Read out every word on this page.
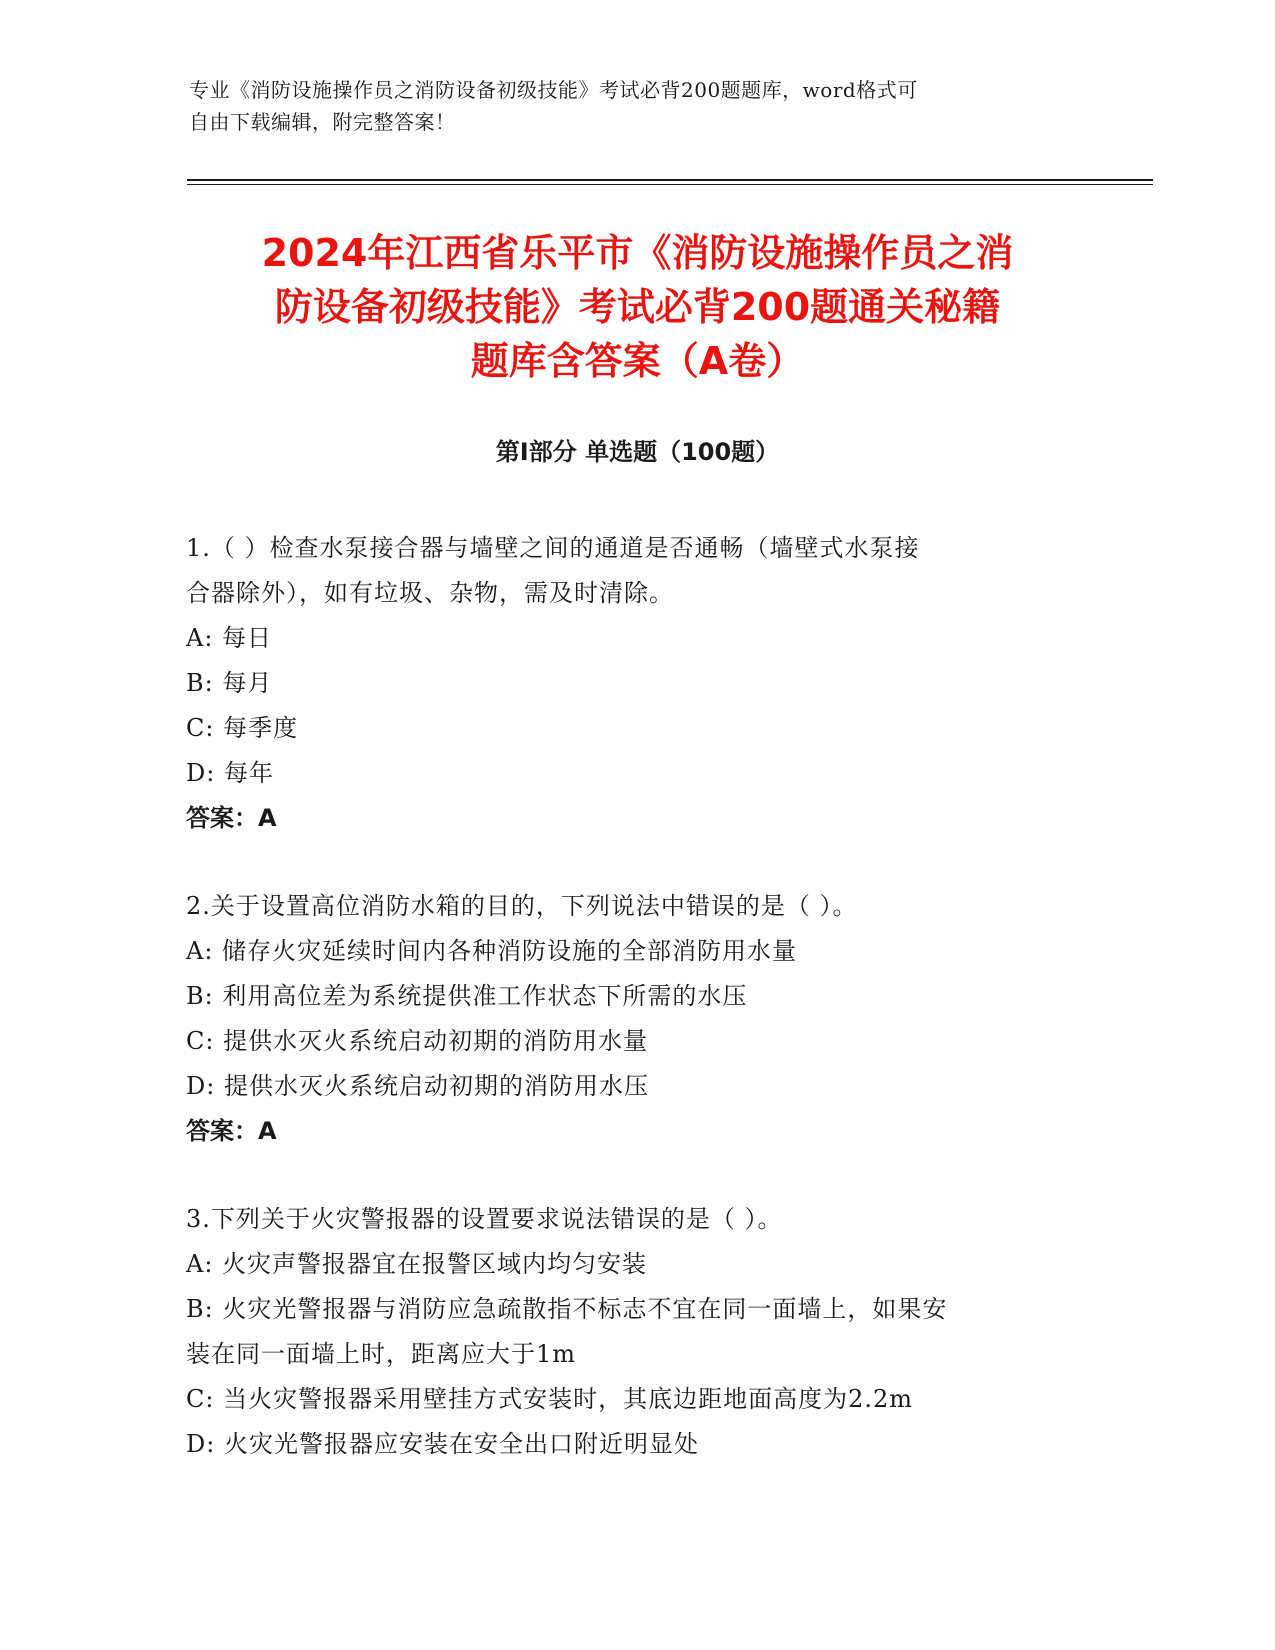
专业《消防设施操作员之消防设备初级技能》考试必背200题题库，word格式可
自由下载编辑，附完整答案！
2024年江西省乐平市《消防设施操作员之消
防设备初级技能》考试必背200题通关秘籍
题库含答案（A卷）
第Ⅰ部分 单选题（100题）
1.（ ）检查水泵接合器与墙壁之间的通道是否通畅（墙壁式水泵接
合器除外），如有垃圾、杂物，需及时清除。
A: 每日
B: 每月
C: 每季度
D: 每年
答案：A
2.关于设置高位消防水箱的目的，下列说法中错误的是（ ）。
A: 储存火灾延续时间内各种消防设施的全部消防用水量
B: 利用高位差为系统提供准工作状态下所需的水压
C: 提供水灭火系统启动初期的消防用水量
D: 提供水灭火系统启动初期的消防用水压
答案：A
3.下列关于火灾警报器的设置要求说法错误的是（ ）。
A: 火灾声警报器宜在报警区域内均匀安装
B: 火灾光警报器与消防应急疏散指不标志不宜在同一面墙上，如果安
装在同一面墙上时，距离应大于1m
C: 当火灾警报器采用壁挂方式安装时，其底边距地面高度为2.2m
D: 火灾光警报器应安装在安全出口附近明显处
